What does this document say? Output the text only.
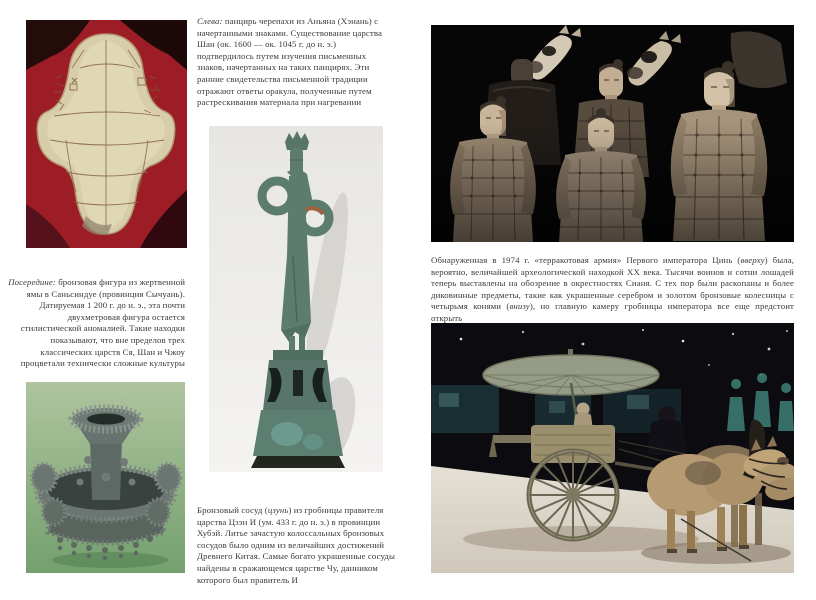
Посередине: бронзовая фигура из жертвенной ямы в Саньсиндуе (провинция Сычуань). Датируемая 1 200 г. до н. э., эта почти двухметровая фигура остается стилистической аномалией. Такие находки показывают, что вне пределов трех классических царств Ся, Шан и Чжоу процветали технически сложные культуры

Слева: панцирь черепахи из Аньяна (Хэнань) с начертанными знаками. Существование царства Шан (ок. 1600 — ок. 1045 г. до н. э.) подтвердилось путем изучения письменных знаков, начертанных на таких панцирях. Эти ранние свидетельства письменной традиции отражают ответы оракула, полученные путем растрескивания материала при нагревании

Бронзовый сосуд (цзунь) из гробницы правителя царства Цзэн И (ум. 433 г. до н. э.) в провинции Хубэй. Литье зачастую колоссальных бронзовых сосудов было одним из величайших достижений Древнего Китая. Самые богато украшенные сосуды найдены в сражающемся царстве Чу, данником которого был правитель И

Обнаруженная в 1974 г. «терракотовая армия» Первого императора Цинь (вверху) была, вероятно, величайшей археологической находкой XX века. Тысячи воинов и сотни лошадей теперь выставлены на обозрение в окрестностях Сианя. С тех пор были раскопаны и более диковинные предметы, такие как украшенные серебром и золотом бронзовые колесницы с четырьмя конями (внизу), но главную камеру гробницы императора все еще предстоит открыть
